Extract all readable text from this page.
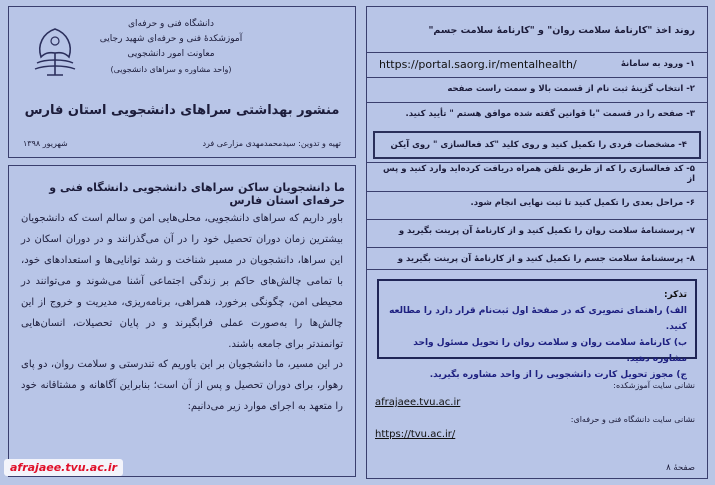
دانشگاه فنی و حرفه‌ای
آموزشکدهٔ فنی و حرفه‌ای شهید رجایی
معاونت امور دانشجویی
(واحد مشاوره و سراهای دانشجویی)
منشور بهداشتی سراهای دانشجویی استان فارس
شهریور ۱۳۹۸	تهیه و تدوین: سیدمحمدمهدی مزارعی فرد
ما دانشجویان ساکن سراهای دانشجویی دانشگاه فنی و حرفه‌ای استان فارس
باور داریم که سراهای دانشجویی، محلی‌هایی امن و سالم است که دانشجویان بیشترین زمان دوران تحصیل خود را در آن می‌گذرانند و در دوران اسکان در این سراها، دانشجویان در مسیر شناخت و رشد توانایی‌ها و استعدادهای خود، با تمامی چالش‌های حاکم بر زندگی اجتماعی آشنا می‌شوند و می‌توانند در محیطی امن، چگونگی برخورد، همراهی، برنامه‌ریزی، مدیریت و خروج از این چالش‌ها را به‌صورت عملی فرابگیرند و در پایان تحصیلات، انسان‌هایی توانمندتر برای جامعه باشند.
در این مسیر، ما دانشجویان بر این باوریم که تندرستی و سلامت روان، دو پای رهوار، برای دوران تحصیل و پس از آن است؛ بنابراین آگاهانه و مشتاقانه خود را متعهد به اجرای موارد زیر می‌دانیم:
afrajaee.tvu.ac.ir
روند اخذ "کارنامهٔ سلامت روان" و "کارنامهٔ سلامت جسم"
۱- ورود به سامانهٔ
https://portal.saorg.ir/mentalhealth/
۲- انتخاب گزینهٔ ثبت نام از قسمت بالا و سمت راست صفحه
۳- صفحه را در قسمت "با قوانین گفته شده موافق هستم " تأیید کنید.
۴- مشخصات فردی را تکمیل کنید و روی کلید "کد فعالسازی " روی آیکن
۵- کد فعالسازی را که از طریق تلفن همراه دریافت کرده‌اید وارد کنید و پس از
۶- مراحل بعدی را تکمیل کنید تا ثبت نهایی انجام شود.
۷- پرسشنامهٔ سلامت روان را تکمیل کنید و از کارنامهٔ آن پرینت بگیرید و
۸- پرسشنامهٔ سلامت جسم را تکمیل کنید و از کارنامهٔ آن پرینت بگیرید و
تذکر:
الف) راهنمای تصویری که در صفحهٔ اول ثبت‌نام قرار دارد را مطالعه کنید.
ب) کارنامهٔ سلامت روان و سلامت روان را تحویل مسئول واحد مشاوره دهید.
ج) مجوز تحویل کارت دانشجویی را از واحد مشاوره بگیرید.
نشانی سایت آموزشکده:
afrajaee.tvu.ac.ir
نشانی سایت دانشگاه فنی و حرفه‌ای:
https://tvu.ac.ir/
صفحهٔ ۸
